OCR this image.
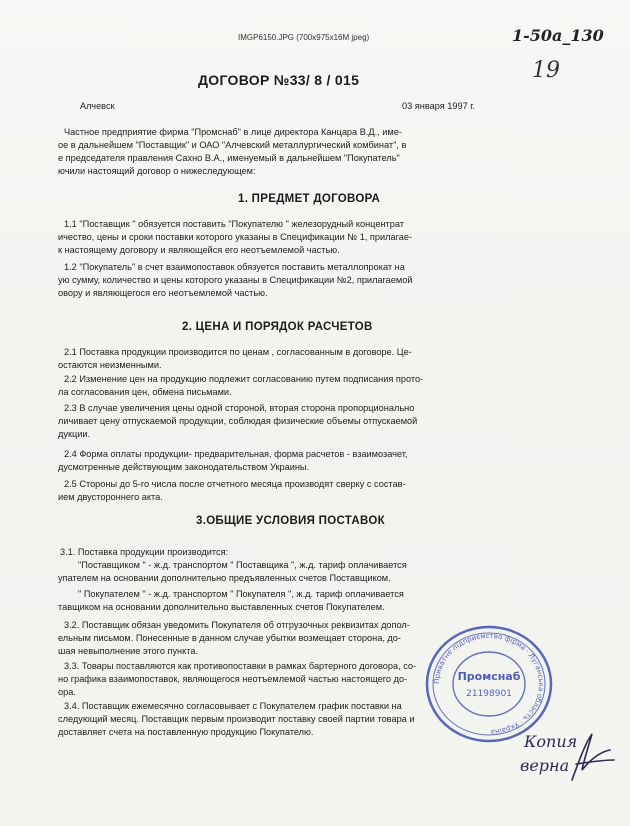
IMGP6150.JPG (700x975x16M jpeg)	1-50a_130
19
ДОГОВОР №33/ 8 / 015
Алчевск	03 января 1997 г.
Частное предприятие фирма "Промснаб" в лице директора Канцара В.Д., име-
ое в дальнейшем "Поставщик" и ОАО "Алчевский металлургический комбинат", в
е председателя правления Сахно В.А., именуемый в дальнейшем "Покупатель"
ючили настоящий договор о нижеследующем:
1. ПРЕДМЕТ ДОГОВОРА
1.1 "Поставщик " обязуется поставить "Покупателю " железорудный концентрат
ичество, цены и сроки поставки которого указаны в Спецификации № 1, прилагае-
к настоящему договору и являющейся его неотъемлемой частью.
1.2 "Покупатель" в счет взаимопоставок обязуется поставить металлопрокат на
ую сумму, количество и цены которого указаны в Спецификации №2, прилагаемой
овору и являющегося его неотъемлемой частью.
2. ЦЕНА И ПОРЯДОК РАСЧЕТОВ
2.1 Поставка продукции производится по ценам , согласованным в договоре. Це-
остаются неизменными.
2.2 Изменение цен на продукцию подлежит согласованию путем подписания прото-
ла согласования цен, обмена письмами.
2.3 В случае увеличения цены одной стороной, вторая сторона пропорционально
личивает цену отпускаемой продукции, соблюдая физические объемы отпускаемой
дукции.
2.4 Форма оплаты продукции- предварительная, форма расчетов - взаимозачет,
дусмотренные действующим законодательством Украины.
2.5 Стороны до 5-го числа после отчетного месяца производят сверку с состав-
ием двустороннего акта.
3.ОБЩИЕ УСЛОВИЯ ПОСТАВОК
3.1. Поставка продукции производится:
"Поставщиком " - ж.д. транспортом " Поставщика ", ж.д. тариф оплачивается
упателем на основании дополнительно предъявленных счетов Поставщиком.
" Покупателем " - ж.д. транспортом " Покупателя ", ж.д. тариф оплачивается
тавщиком на основании дополнительно выставленных счетов Покупателем.
3.2. Поставщик обязан уведомить Покупателя об отгрузочных реквизитах допол-
ельным письмом. Понесенные в данном случае убытки возмещает сторона, до-
шая невыполнение этого пункта.
3.3. Товары поставляются как противопоставки в рамках бартерного договора, со-
но графика взаимопоставок, являющегося неотъемлемой частью настоящего до-
ора.
3.4. Поставщик ежемесячно согласовывает с Покупателем график поставки на
следующий месяц. Поставщик первым производит поставку своей партии товара и
доставляет счета на поставленную продукцию Покупателю.
Приватне підприємство фірма · Луганська область · Україна
Промснаб
21198901
Копия
верна
